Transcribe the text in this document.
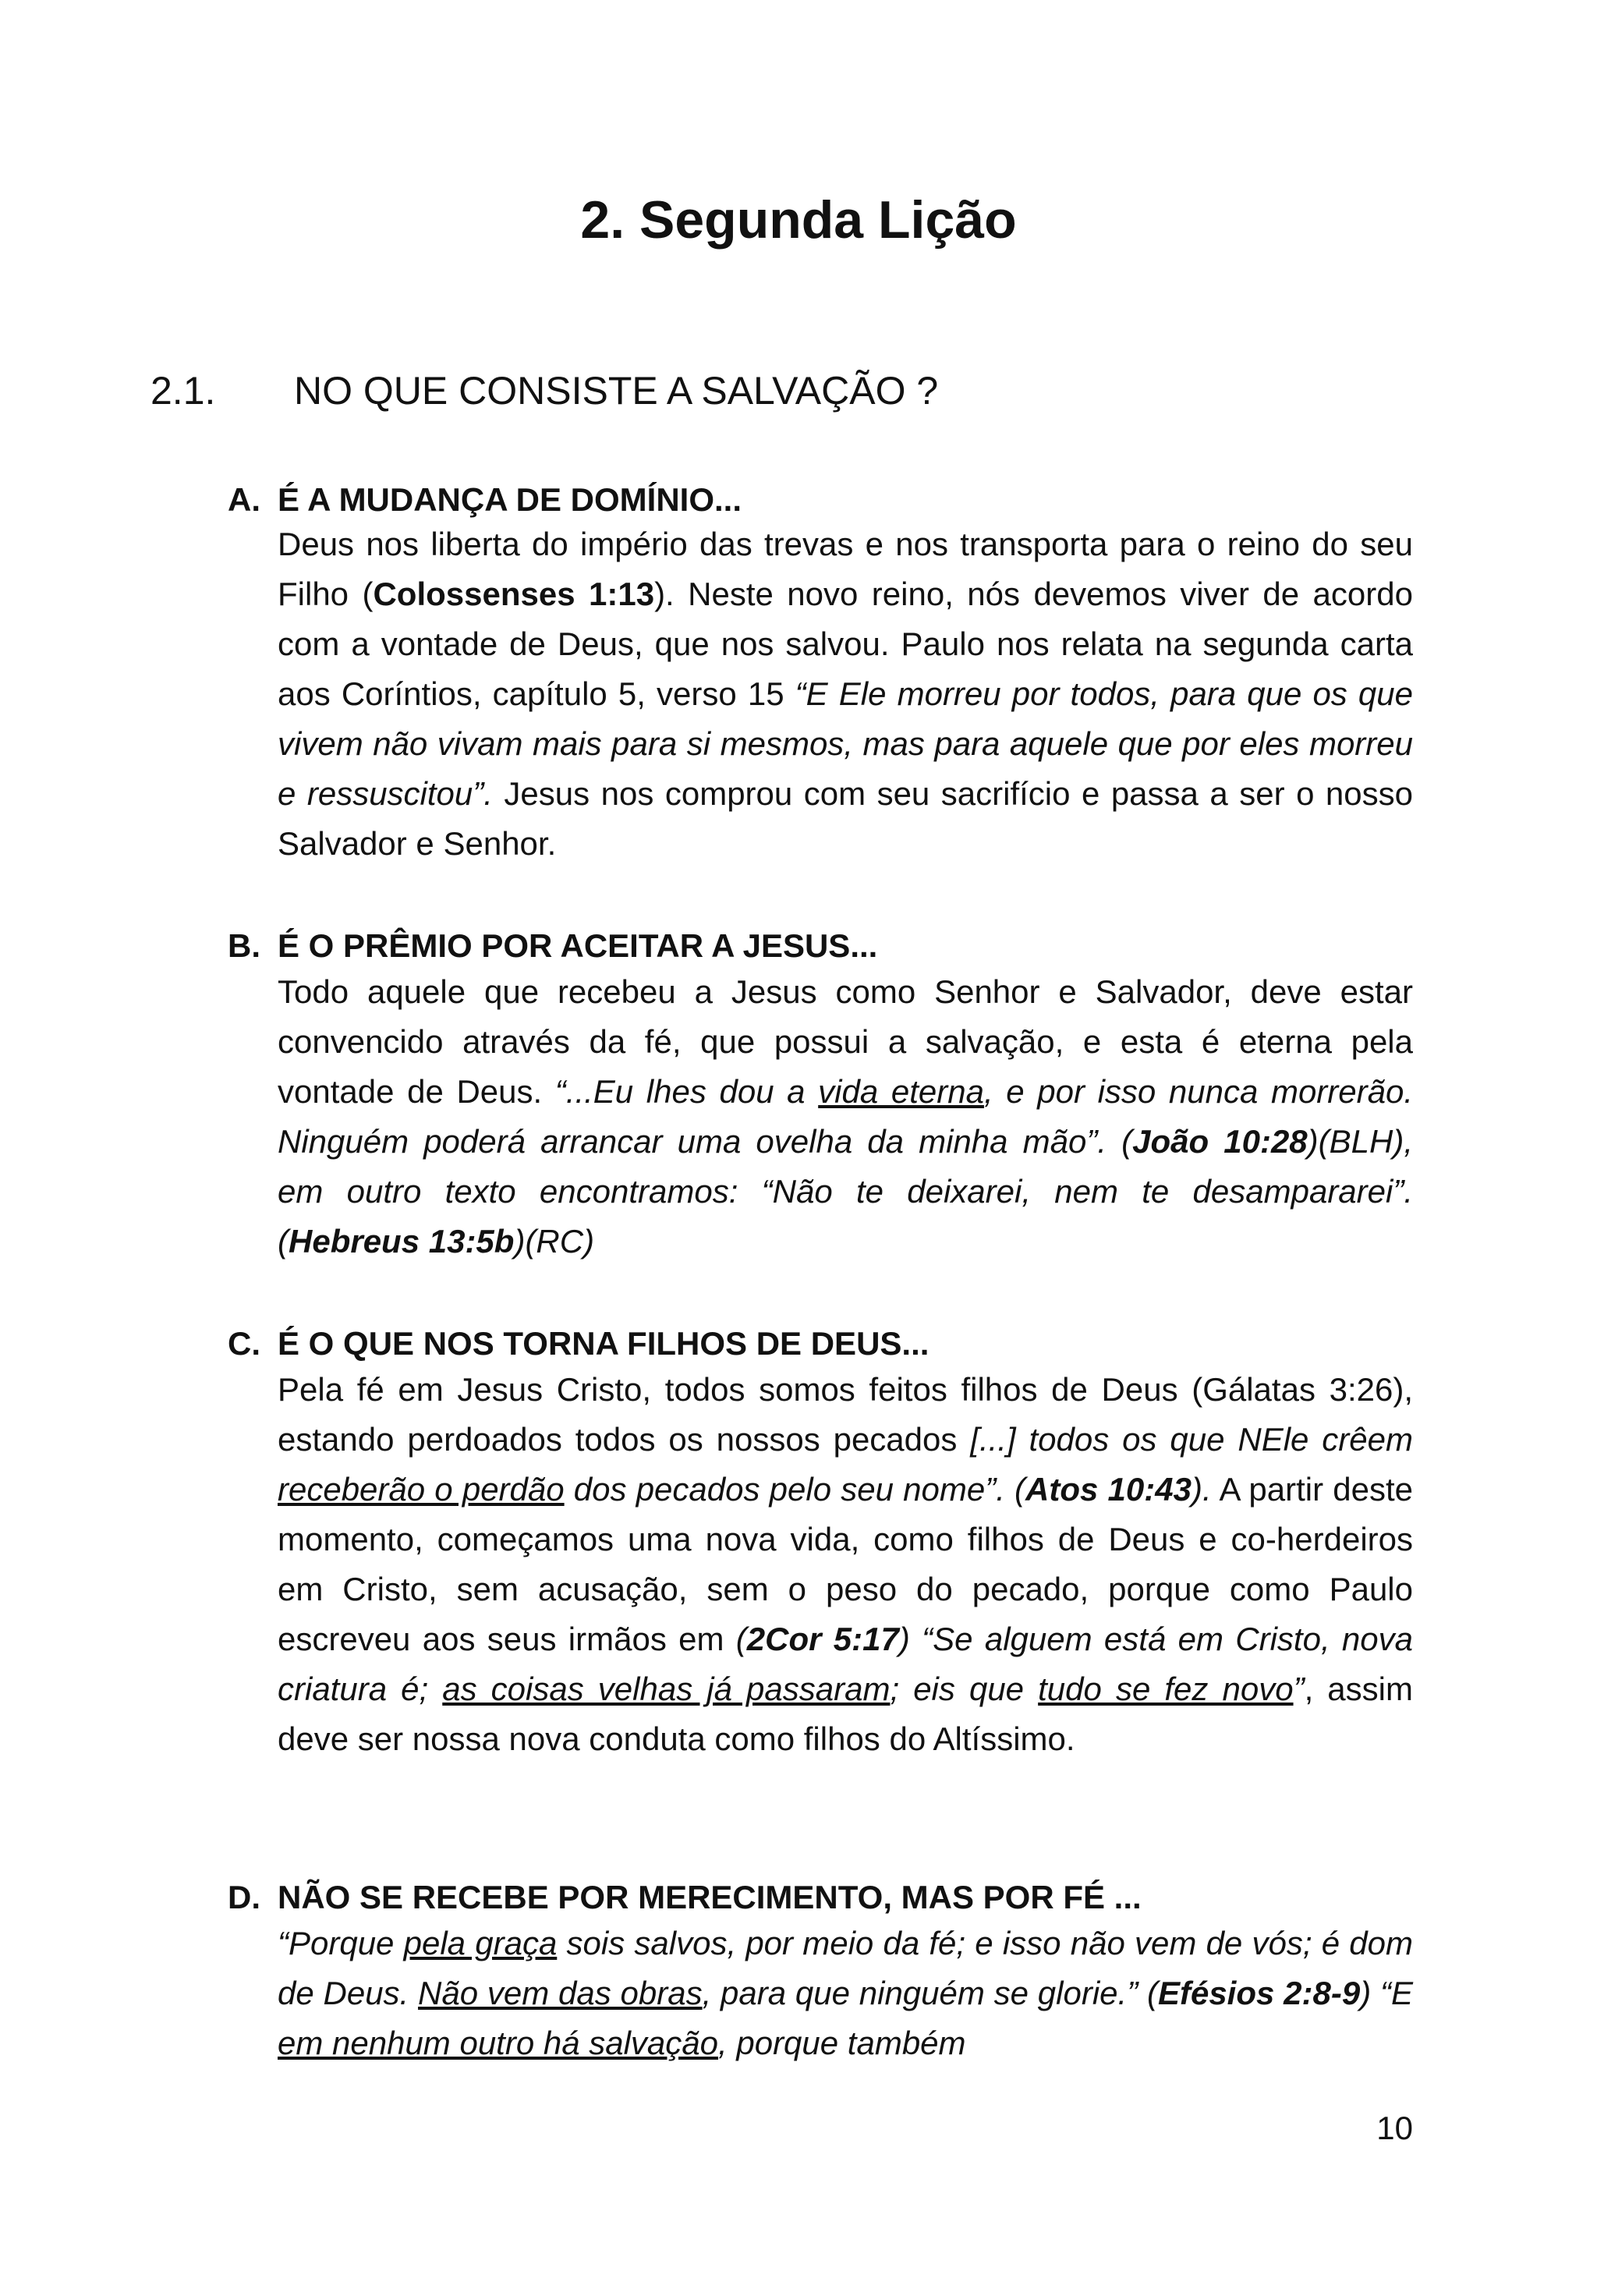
2. Segunda Lição
2.1. NO QUE CONSISTE A SALVAÇÃO ?
A. É A MUDANÇA DE DOMÍNIO...

Deus nos liberta do império das trevas e nos transporta para o reino do seu Filho (Colossenses 1:13). Neste novo reino, nós devemos viver de acordo com a vontade de Deus, que nos salvou. Paulo nos relata na segunda carta aos Coríntios, capítulo 5, verso 15 “E Ele morreu por todos, para que os que vivem não vivam mais para si mesmos, mas para aquele que por eles morreu e ressuscitou”. Jesus nos comprou com seu sacrifício e passa a ser o nosso Salvador e Senhor.

B. É O PRÊMIO POR ACEITAR A JESUS...

Todo aquele que recebeu a Jesus como Senhor e Salvador, deve estar convencido através da fé, que possui a salvação, e esta é eterna pela vontade de Deus. “...Eu lhes dou a vida eterna, e por isso nunca morrerão. Ninguém poderá arrancar uma ovelha da minha mão”. (João 10:28)(BLH), em outro texto encontramos: “Não te deixarei, nem te desampararei”. (Hebreus 13:5b)(RC)

C. É O QUE NOS TORNA FILHOS DE DEUS...

Pela fé em Jesus Cristo, todos somos feitos filhos de Deus (Gálatas 3:26), estando perdoados todos os nossos pecados [...] todos os que NEle crêem receberão o perdão dos pecados pelo seu nome”. (Atos 10:43). A partir deste momento, começamos uma nova vida, como filhos de Deus e co-herdeiros em Cristo, sem acusação, sem o peso do pecado, porque como Paulo escreveu aos seus irmãos em (2Cor 5:17) “Se alguem está em Cristo, nova criatura é; as coisas velhas já passaram; eis que tudo se fez novo”, assim deve ser nossa nova conduta como filhos do Altíssimo.

D. NÃO SE RECEBE POR MERECIMENTO, MAS POR FÉ ...

“Porque pela graça sois salvos, por meio da fé; e isso não vem de vós; é dom de Deus. Não vem das obras, para que ninguém se glorie.” (Efésios 2:8-9) “E em nenhum outro há salvação, porque também

10
